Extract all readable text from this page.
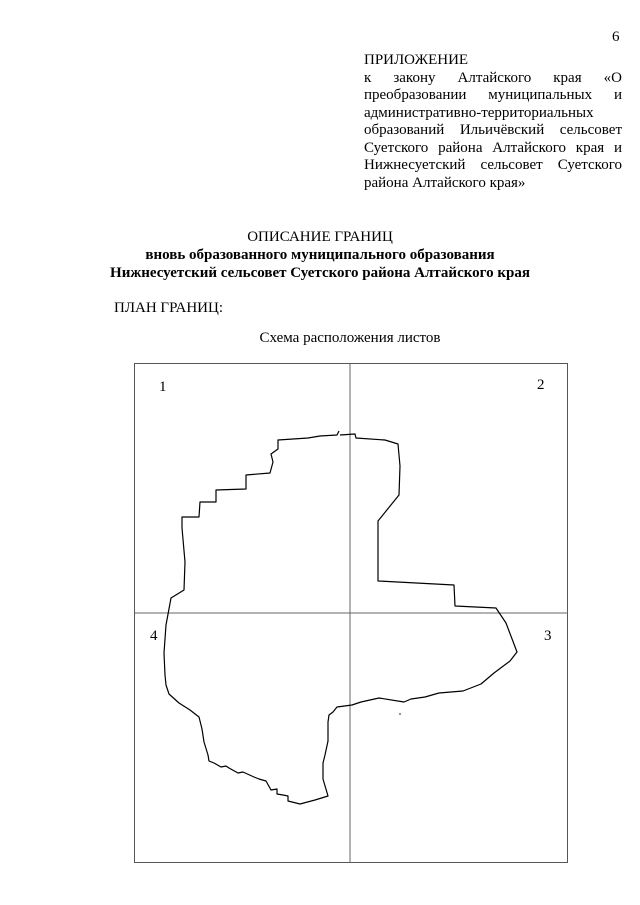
6

ПРИЛОЖЕНИЕ

к закону Алтайского края «О преобразовании муниципальных и административно-территориальных образований Ильичёвский сельсовет Суетского района Алтайского края и Нижнесуетский сельсовет Суетского района Алтайского края»

ОПИСАНИЕ ГРАНИЦ
вновь образованного муниципального образования
Нижнесуетский сельсовет Суетского района Алтайского края
ПЛАН ГРАНИЦ:
Схема расположения листов
1	2
3
4
